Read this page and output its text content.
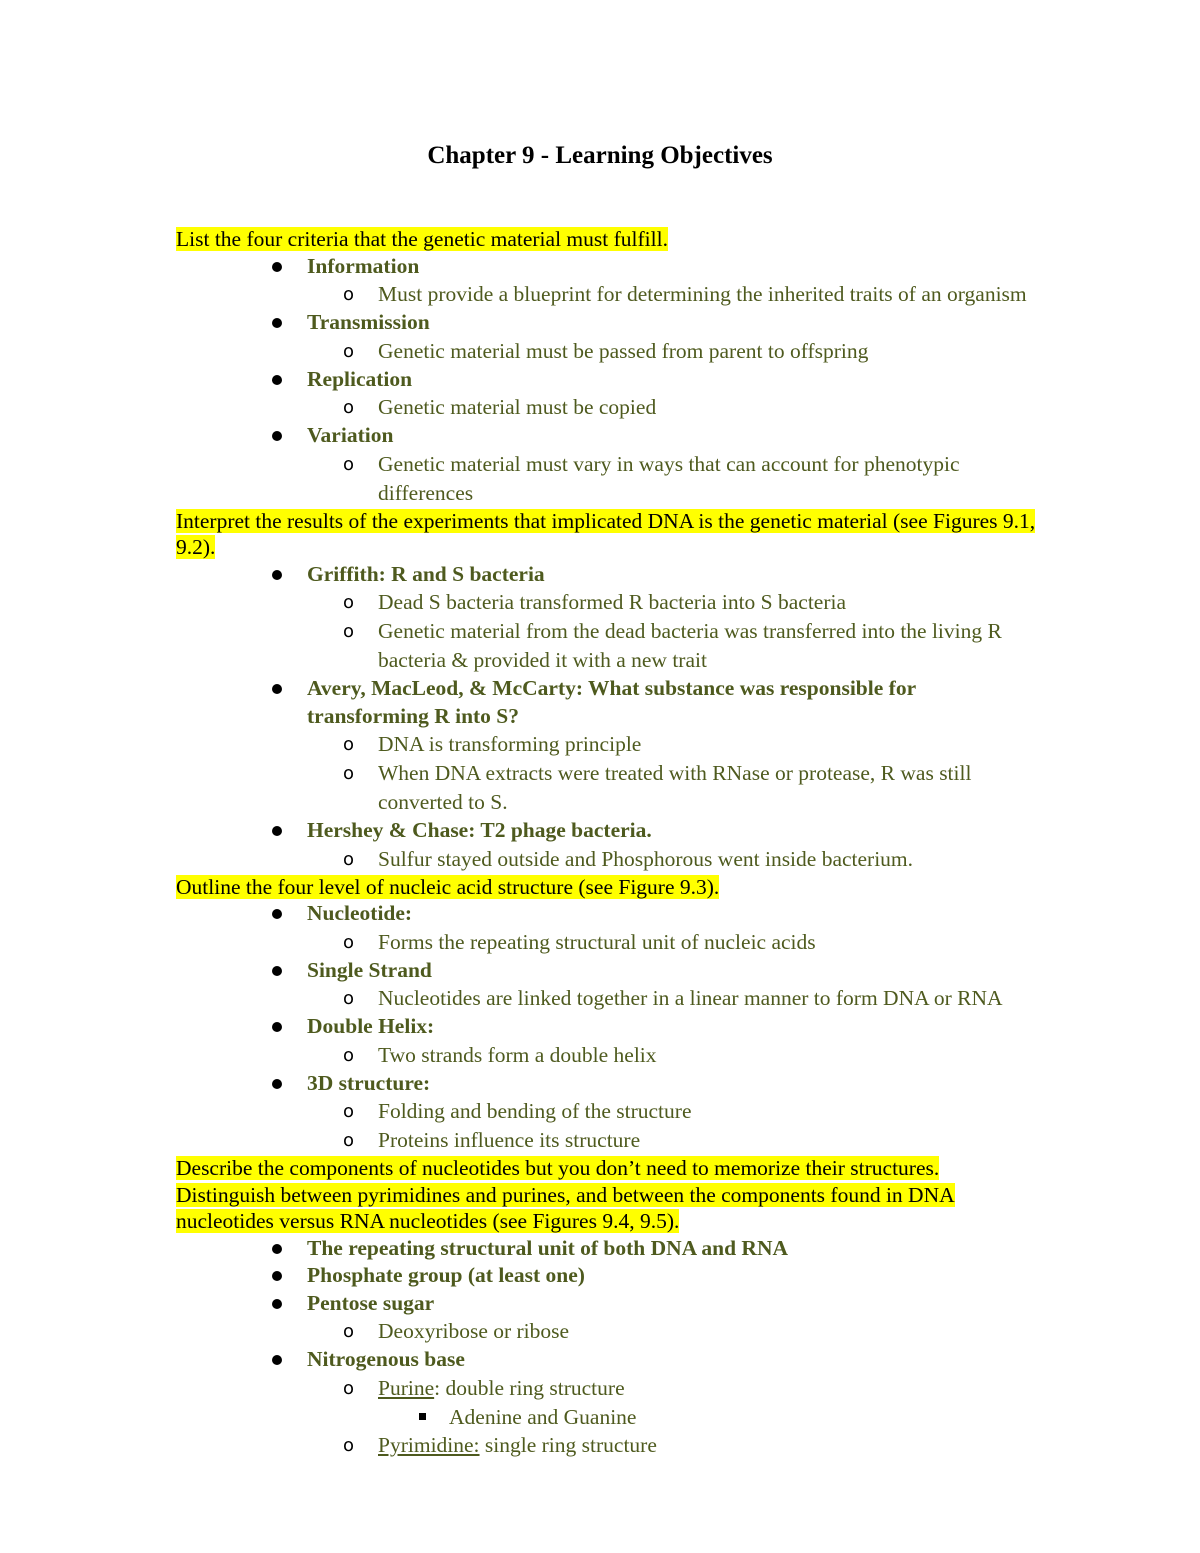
Chapter 9 - Learning Objectives

List the four criteria that the genetic material must fulfill.

Information
o Must provide a blueprint for determining the inherited traits of an organism
Transmission
o Genetic material must be passed from parent to offspring
Replication
o Genetic material must be copied
Variation
o Genetic material must vary in ways that can account for phenotypic differences

Interpret the results of the experiments that implicated DNA is the genetic material (see Figures 9.1, 9.2).

Griffith: R and S bacteria
o Dead S bacteria transformed R bacteria into S bacteria
o Genetic material from the dead bacteria was transferred into the living R bacteria & provided it with a new trait
Avery, MacLeod, & McCarty: What substance was responsible for transforming R into S?
o DNA is transforming principle
o When DNA extracts were treated with RNase or protease, R was still converted to S.
Hershey & Chase: T2 phage bacteria.
o Sulfur stayed outside and Phosphorous went inside bacterium.

Outline the four level of nucleic acid structure (see Figure 9.3).

Nucleotide:
o Forms the repeating structural unit of nucleic acids
Single Strand
o Nucleotides are linked together in a linear manner to form DNA or RNA
Double Helix:
o Two strands form a double helix
3D structure:
o Folding and bending of the structure
o Proteins influence its structure

Describe the components of nucleotides but you don’t need to memorize their structures. Distinguish between pyrimidines and purines, and between the components found in DNA nucleotides versus RNA nucleotides (see Figures 9.4, 9.5).

The repeating structural unit of both DNA and RNA
Phosphate group (at least one)
Pentose sugar
o Deoxyribose or ribose
Nitrogenous base
o Purine: double ring structure
Adenine and Guanine
o Pyrimidine: single ring structure
